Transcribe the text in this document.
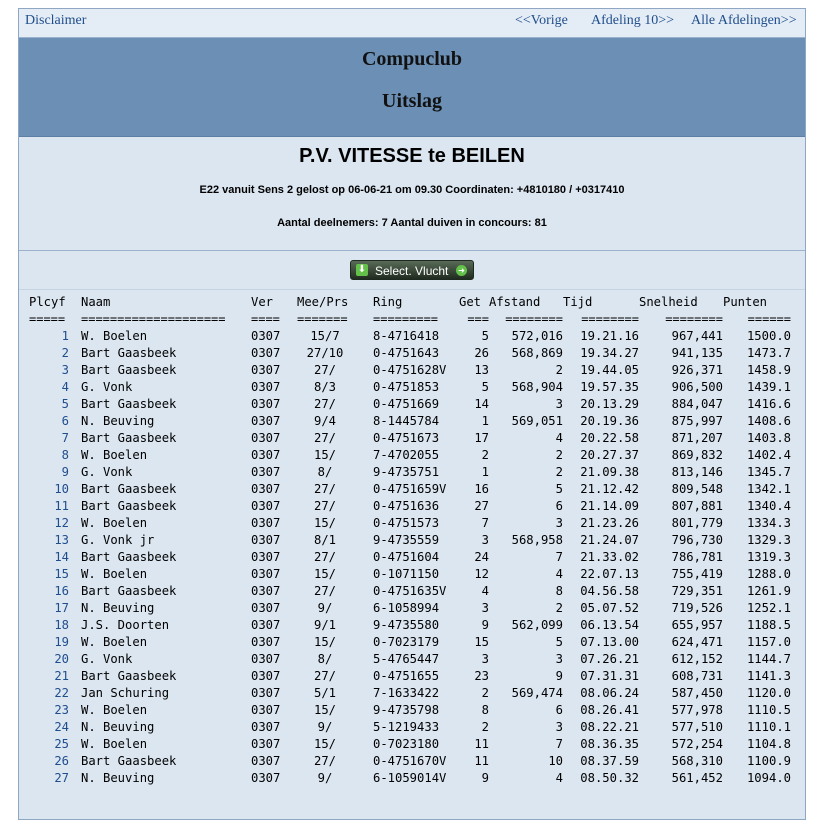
Disclaimer	<<Vorige Afdeling 10>> Alle Afdelingen>>
Compuclub
Uitslag
P.V. VITESSE te BEILEN
E22 vanuit Sens 2 gelost op 06-06-21 om 09.30 Coordinaten: +4810180 / +0317410
Aantal deelnemers: 7 Aantal duiven in concours: 81
⬇ Select. Vlucht ➜
Plcyf		Naam	Ver	Mee/Prs	Ring	Get	Afstand	Tijd	Snelheid	Punten
=====		====================	====	=======	=========	===	========	========	========	======
1		W. Boelen	0307	15/7	8-4716418	5	572,016	19.21.16	967,441	1500.0
2		Bart Gaasbeek	0307	27/10	0-4751643	26	568,869	19.34.27	941,135	1473.7
3		Bart Gaasbeek	0307	27/	0-4751628V	13	2	19.44.05	926,371	1458.9
4		G. Vonk	0307	8/3	0-4751853	5	568,904	19.57.35	906,500	1439.1
5		Bart Gaasbeek	0307	27/	0-4751669	14	3	20.13.29	884,047	1416.6
6		N. Beuving	0307	9/4	8-1445784	1	569,051	20.19.36	875,997	1408.6
7		Bart Gaasbeek	0307	27/	0-4751673	17	4	20.22.58	871,207	1403.8
8		W. Boelen	0307	15/	7-4702055	2	2	20.27.37	869,832	1402.4
9		G. Vonk	0307	8/	9-4735751	1	2	21.09.38	813,146	1345.7
10		Bart Gaasbeek	0307	27/	0-4751659V	16	5	21.12.42	809,548	1342.1
11		Bart Gaasbeek	0307	27/	0-4751636	27	6	21.14.09	807,881	1340.4
12		W. Boelen	0307	15/	0-4751573	7	3	21.23.26	801,779	1334.3
13		G. Vonk jr	0307	8/1	9-4735559	3	568,958	21.24.07	796,730	1329.3
14		Bart Gaasbeek	0307	27/	0-4751604	24	7	21.33.02	786,781	1319.3
15		W. Boelen	0307	15/	0-1071150	12	4	22.07.13	755,419	1288.0
16		Bart Gaasbeek	0307	27/	0-4751635V	4	8	04.56.58	729,351	1261.9
17		N. Beuving	0307	9/	6-1058994	3	2	05.07.52	719,526	1252.1
18		J.S. Doorten	0307	9/1	9-4735580	9	562,099	06.13.54	655,957	1188.5
19		W. Boelen	0307	15/	0-7023179	15	5	07.13.00	624,471	1157.0
20		G. Vonk	0307	8/	5-4765447	3	3	07.26.21	612,152	1144.7
21		Bart Gaasbeek	0307	27/	0-4751655	23	9	07.31.31	608,731	1141.3
22		Jan Schuring	0307	5/1	7-1633422	2	569,474	08.06.24	587,450	1120.0
23		W. Boelen	0307	15/	9-4735798	8	6	08.26.41	577,978	1110.5
24		N. Beuving	0307	9/	5-1219433	2	3	08.22.21	577,510	1110.1
25		W. Boelen	0307	15/	0-7023180	11	7	08.36.35	572,254	1104.8
26		Bart Gaasbeek	0307	27/	0-4751670V	11	10	08.37.59	568,310	1100.9
27		N. Beuving	0307	9/	6-1059014V	9	4	08.50.32	561,452	1094.0
